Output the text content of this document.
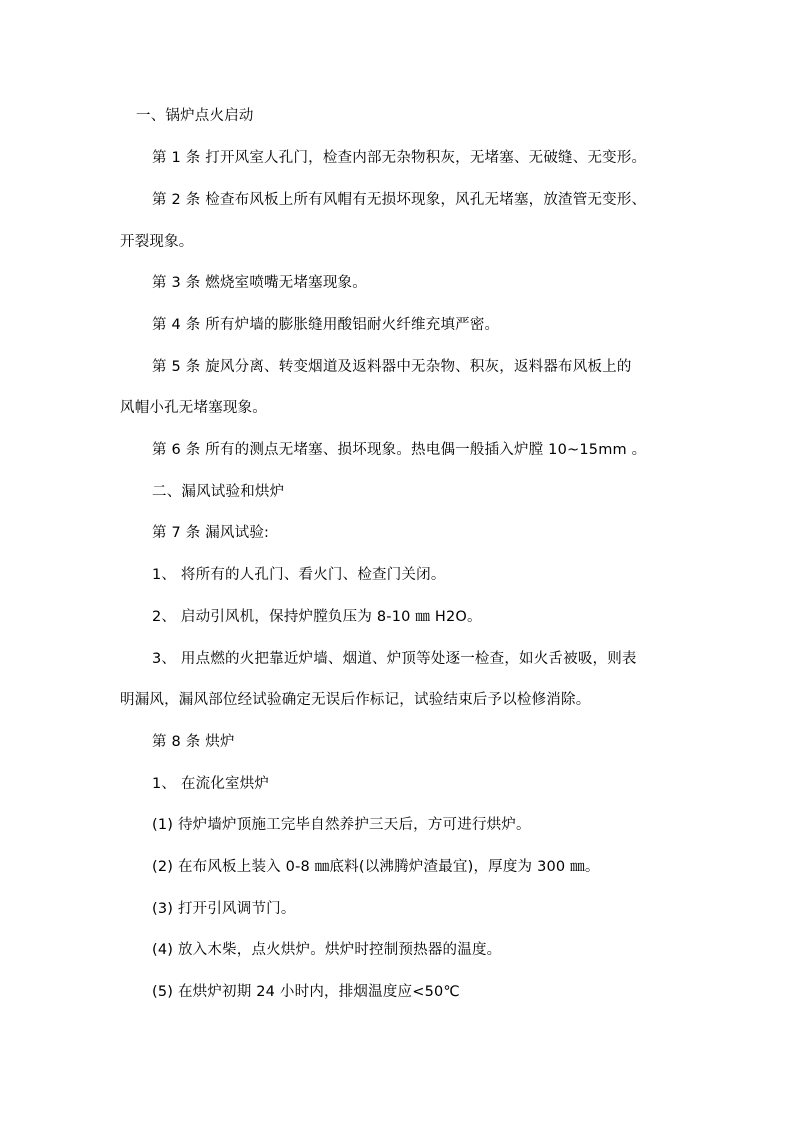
一、锅炉点火启动
第 1 条 打开风室人孔门，检查内部无杂物积灰，无堵塞、无破缝、无变形。
第 2 条 检查布风板上所有风帽有无损坏现象，风孔无堵塞，放渣管无变形、
开裂现象。
第 3 条 燃烧室喷嘴无堵塞现象。
第 4 条 所有炉墙的膨胀缝用酸铝耐火纤维充填严密。
第 5 条 旋风分离、转变烟道及返料器中无杂物、积灰，返料器布风板上的
风帽小孔无堵塞现象。
第 6 条 所有的测点无堵塞、损坏现象。热电偶一般插入炉膛 10~15mm 。
二、漏风试验和烘炉
第 7 条 漏风试验:
1、 将所有的人孔门、看火门、检查门关闭。
2、 启动引风机，保持炉膛负压为 8-10 ㎜ H2O。
3、 用点燃的火把靠近炉墙、烟道、炉顶等处逐一检查，如火舌被吸，则表
明漏风，漏风部位经试验确定无误后作标记，试验结束后予以检修消除。
第 8 条 烘炉
1、 在流化室烘炉
(1) 待炉墙炉顶施工完毕自然养护三天后，方可进行烘炉。
(2) 在布风板上装入 0-8 ㎜底料(以沸腾炉渣最宜)，厚度为 300 ㎜。
(3) 打开引风调节门。
(4) 放入木柴，点火烘炉。烘炉时控制预热器的温度。
(5) 在烘炉初期 24 小时内，排烟温度应<50℃
